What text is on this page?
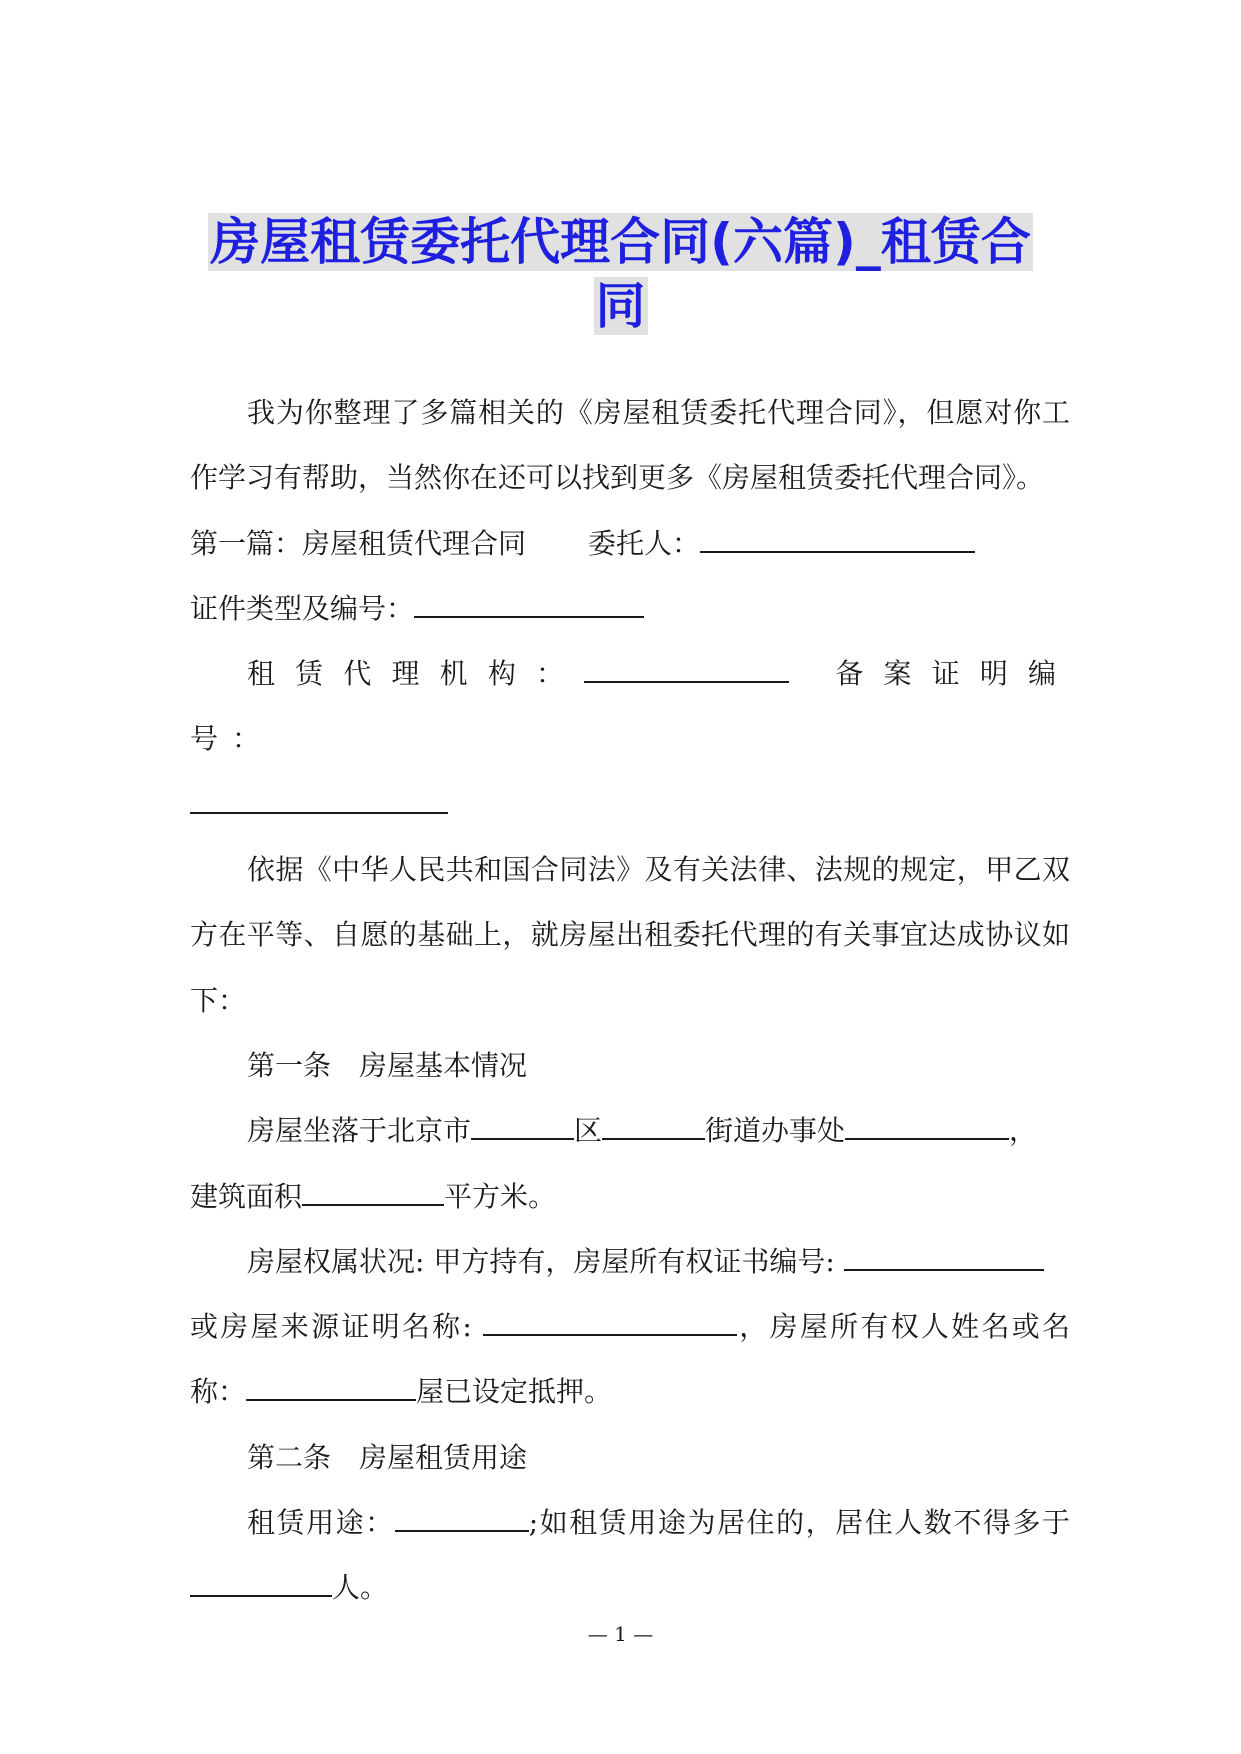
房屋租赁委托代理合同(六篇)_租赁合
同

我为你整理了多篇相关的《房屋租赁委托代理合同》，但愿对你工作学习有帮助，当然你在还可以找到更多《房屋租赁委托代理合同》。

第一篇：房屋租赁代理合同 委托人：

证件类型及编号：

租赁代理机构：	备案证明编号：

依据《中华人民共和国合同法》及有关法律、法规的规定，甲乙双方在平等、自愿的基础上，就房屋出租委托代理的有关事宜达成协议如下：

第一条　房屋基本情况

房屋坐落于北京市	区	街道办事处	，
建筑面积	平方米。

房屋权属状况: 甲方持有，房屋所有权证书编号:
或房屋来源证明名称:	，房屋所有权人姓名或名称：	屋已设定抵押。

第二条　房屋租赁用途

租赁用途：	;如租赁用途为居住的，居住人数不得多于人。

— 1 —
